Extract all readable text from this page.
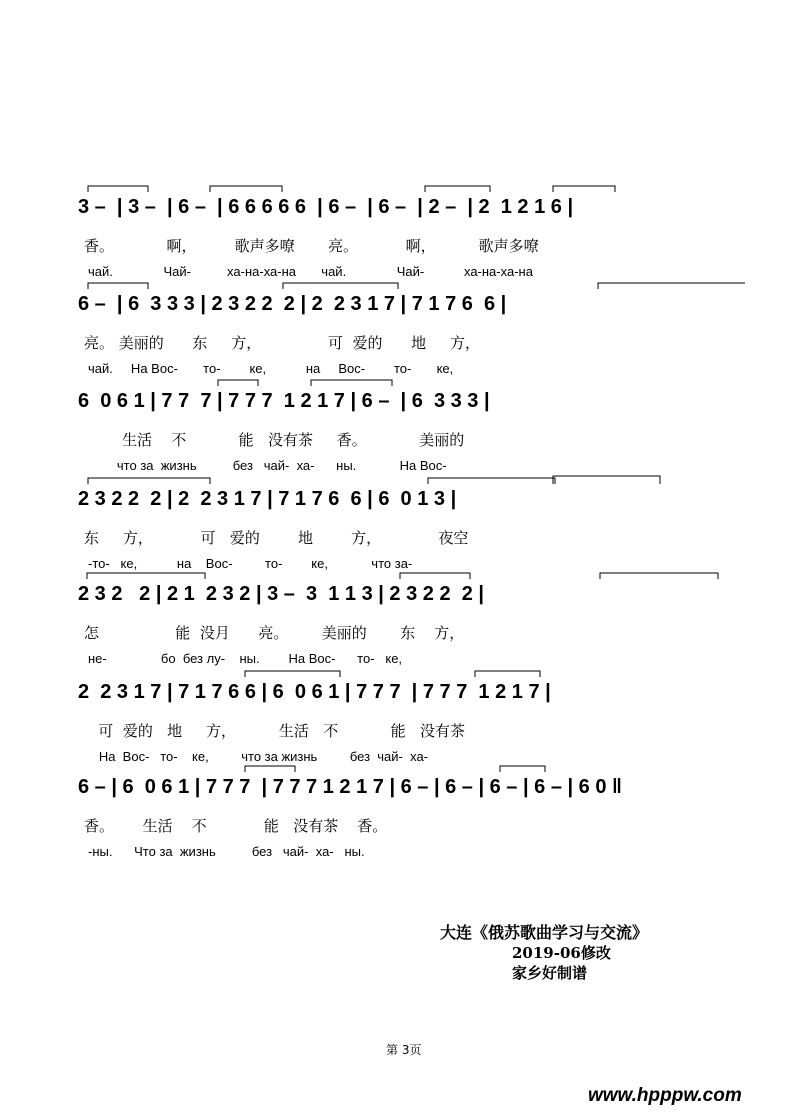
3 –  | 3 –  | 6 –  | 6 6 6 6 6  | 6 –  | 6 –  | 2 –  | 2  1 2 1 6 |
香。           啊，        歌声多嘹       亮。          啊，         歌声多嘹
чай.              Чай-          ха-на-ха-на       чай.              Чай-           ха-на-ха-на
6 –  | 6  3 3 3 | 2 3 2 2  2 | 2  2 3 1 7 | 7 1 7 6  6 |
亮。 美丽的      东     方，              可  爱的      地     方，
чай.     На Вос-       то-        ке,           на     Вос-        то-       ке,
6  0 6 1 | 7 7  7 | 7 7 7  1 2 1 7 | 6 –  | 6  3 3 3 |
生活    不           能   没有茶     香。           美丽的
что за  жизнь          без   чай-  ха-      ны.            На Вос-
2 3 2 2  2 | 2  2 3 1 7 | 7 1 7 6  6 | 6  0 1 3 |
东     方，          可   爱的        地        方，            夜空
-то-   ке,           на    Вос-         то-        ке,            что за-
2 3 2   2 | 2 1  2 3 2 | 3 –  3  1 1 3 | 2 3 2 2  2 |
怎                能  没月      亮。       美丽的       东    方，
не-               бо  без лу-    ны.        На Вос-      то-   ке,
2  2 3 1 7 | 7 1 7 6 6 | 6  0 6 1 | 7 7 7  | 7 7 7  1 2 1 7 |
可  爱的   地     方，         生活   不           能   没有茶
На  Вос-   то-    ке,         что за жизнь         без  чай-  ха-
6 – | 6  0 6 1 | 7 7 7  | 7 7 7 1 2 1 7 | 6 – | 6 – | 6 – | 6 – | 6 0 ‖
香。      生活    不            能   没有茶    香。
-ны.      Что за  жизнь          без   чай-  ха-   ны.
大连《俄苏歌曲学习与交流》
2019-06修改
家乡好制谱
第 3页
www.hpppw.com
